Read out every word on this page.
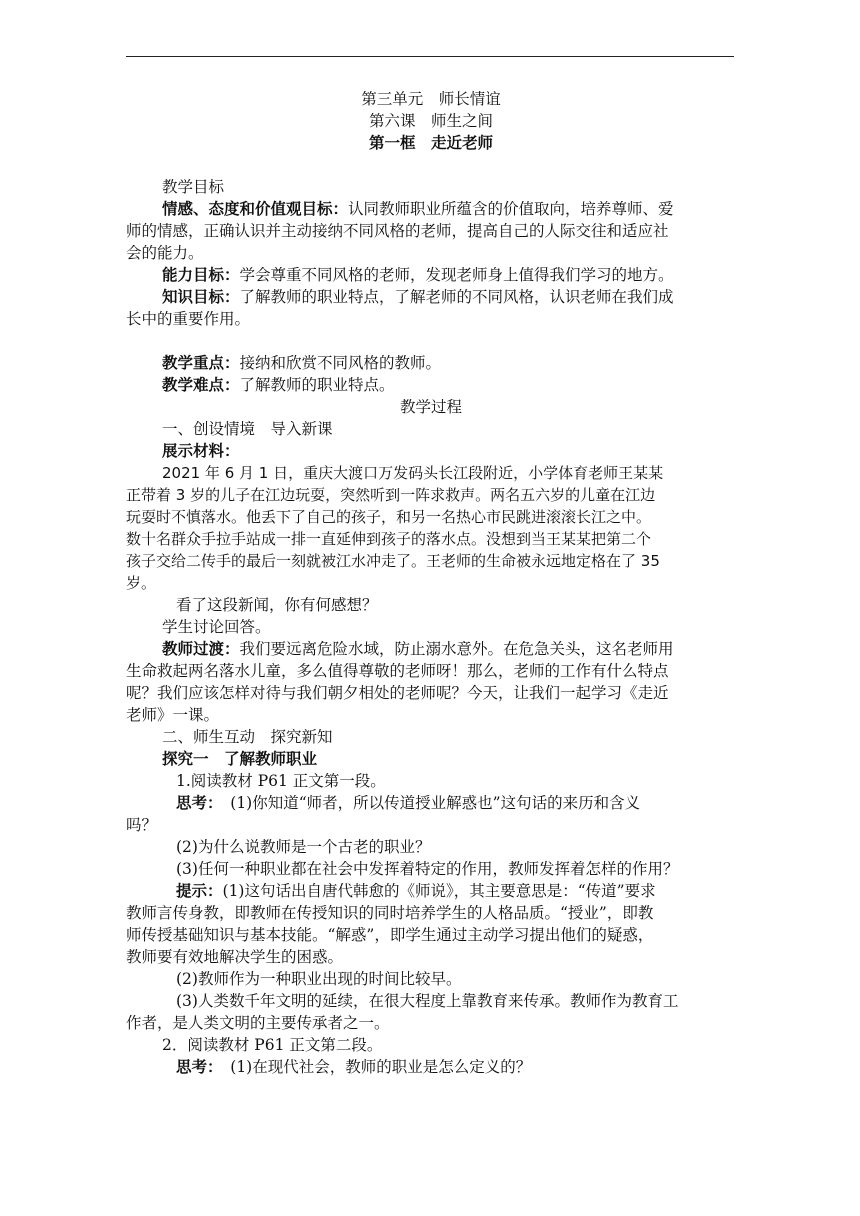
第三单元　师长情谊
第六课　师生之间
第一框　走近老师
教学目标
情感、态度和价值观目标：认同教师职业所蕴含的价值取向，培养尊师、爱
师的情感，正确认识并主动接纳不同风格的老师，提高自己的人际交往和适应社
会的能力。
能力目标：学会尊重不同风格的老师，发现老师身上值得我们学习的地方。
知识目标：了解教师的职业特点，了解老师的不同风格，认识老师在我们成
长中的重要作用。
教学重点：接纳和欣赏不同风格的教师。
教学难点：了解教师的职业特点。
教学过程
一、创设情境　导入新课
展示材料：
2021 年 6 月 1 日，重庆大渡口万发码头长江段附近，小学体育老师王某某
正带着 3 岁的儿子在江边玩耍，突然听到一阵求救声。两名五六岁的儿童在江边
玩耍时不慎落水。他丢下了自己的孩子，和另一名热心市民跳进滚滚长江之中。
数十名群众手拉手站成一排一直延伸到孩子的落水点。没想到当王某某把第二个
孩子交给二传手的最后一刻就被江水冲走了。王老师的生命被永远地定格在了 35
岁。
看了这段新闻，你有何感想？
学生讨论回答。
教师过渡：我们要远离危险水域，防止溺水意外。在危急关头，这名老师用
生命救起两名落水儿童，多么值得尊敬的老师呀！那么，老师的工作有什么特点
呢？我们应该怎样对待与我们朝夕相处的老师呢？今天，让我们一起学习《走近
老师》一课。
二、师生互动　探究新知
探究一　了解教师职业
1.阅读教材 P61 正文第一段。
思考：　(1)你知道“师者，所以传道授业解惑也”这句话的来历和含义
吗？
(2)为什么说教师是一个古老的职业？
(3)任何一种职业都在社会中发挥着特定的作用，教师发挥着怎样的作用？
提示：(1)这句话出自唐代韩愈的《师说》，其主要意思是：“传道”要求
教师言传身教，即教师在传授知识的同时培养学生的人格品质。“授业”，即教
师传授基础知识与基本技能。“解惑”，即学生通过主动学习提出他们的疑惑，
教师要有效地解决学生的困惑。
(2)教师作为一种职业出现的时间比较早。
(3)人类数千年文明的延续，在很大程度上靠教育来传承。教师作为教育工
作者，是人类文明的主要传承者之一。
2．阅读教材 P61 正文第二段。
思考：　(1)在现代社会，教师的职业是怎么定义的？
